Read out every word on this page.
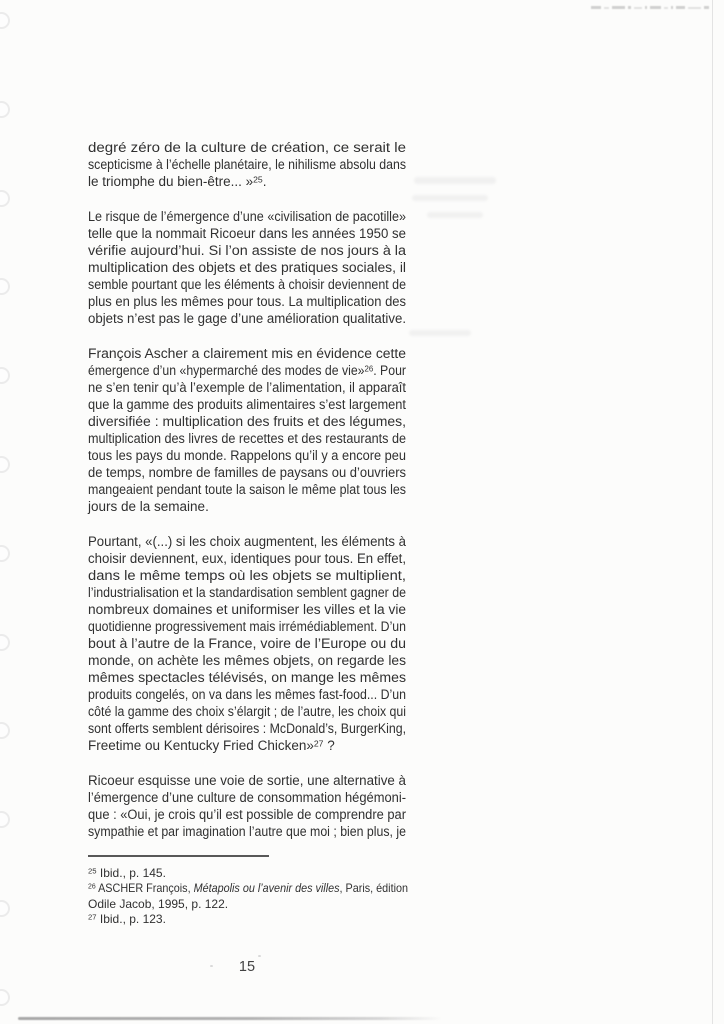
degré zéro de la culture de création, ce serait le
scepticisme à l’échelle planétaire, le nihilisme absolu dans
le triomphe du bien-être... »$^{25}$.
Le risque de l’émergence d’une «civilisation de pacotille»
telle que la nommait Ricoeur dans les années 1950 se
vérifie aujourd’hui. Si l’on assiste de nos jours à la
multiplication des objets et des pratiques sociales, il
semble pourtant que les éléments à choisir deviennent de
plus en plus les mêmes pour tous. La multiplication des
objets n’est pas le gage d’une amélioration qualitative.
François Ascher a clairement mis en évidence cette
émergence d’un «hypermarché des modes de vie»$^{26}$. Pour
ne s’en tenir qu’à l’exemple de l’alimentation, il apparaît
que la gamme des produits alimentaires s’est largement
diversifiée : multiplication des fruits et des légumes,
multiplication des livres de recettes et des restaurants de
tous les pays du monde. Rappelons qu’il y a encore peu
de temps, nombre de familles de paysans ou d’ouvriers
mangeaient pendant toute la saison le même plat tous les
jours de la semaine.
Pourtant, «(...) si les choix augmentent, les éléments à
choisir deviennent, eux, identiques pour tous. En effet,
dans le même temps où les objets se multiplient,
l’industrialisation et la standardisation semblent gagner de
nombreux domaines et uniformiser les villes et la vie
quotidienne progressivement mais irrémédiablement. D’un
bout à l’autre de la France, voire de l’Europe ou du
monde, on achète les mêmes objets, on regarde les
mêmes spectacles télévisés, on mange les mêmes
produits congelés, on va dans les mêmes fast-food... D’un
côté la gamme des choix s’élargit ; de l’autre, les choix qui
sont offerts semblent dérisoires : McDonald’s, BurgerKing,
Freetime ou Kentucky Fried Chicken»$^{27}$ ?
Ricoeur esquisse une voie de sortie, une alternative à
l’émergence d’une culture de consommation hégémoni-
que : «Oui, je crois qu’il est possible de comprendre par
sympathie et par imagination l’autre que moi ; bien plus, je
$^{25}$ Ibid., p. 145.
$^{26}$ ASCHER François, Métapolis ou l’avenir des villes, Paris, édition
Odile Jacob, 1995, p. 122.
$^{27}$ Ibid., p. 123.
15
